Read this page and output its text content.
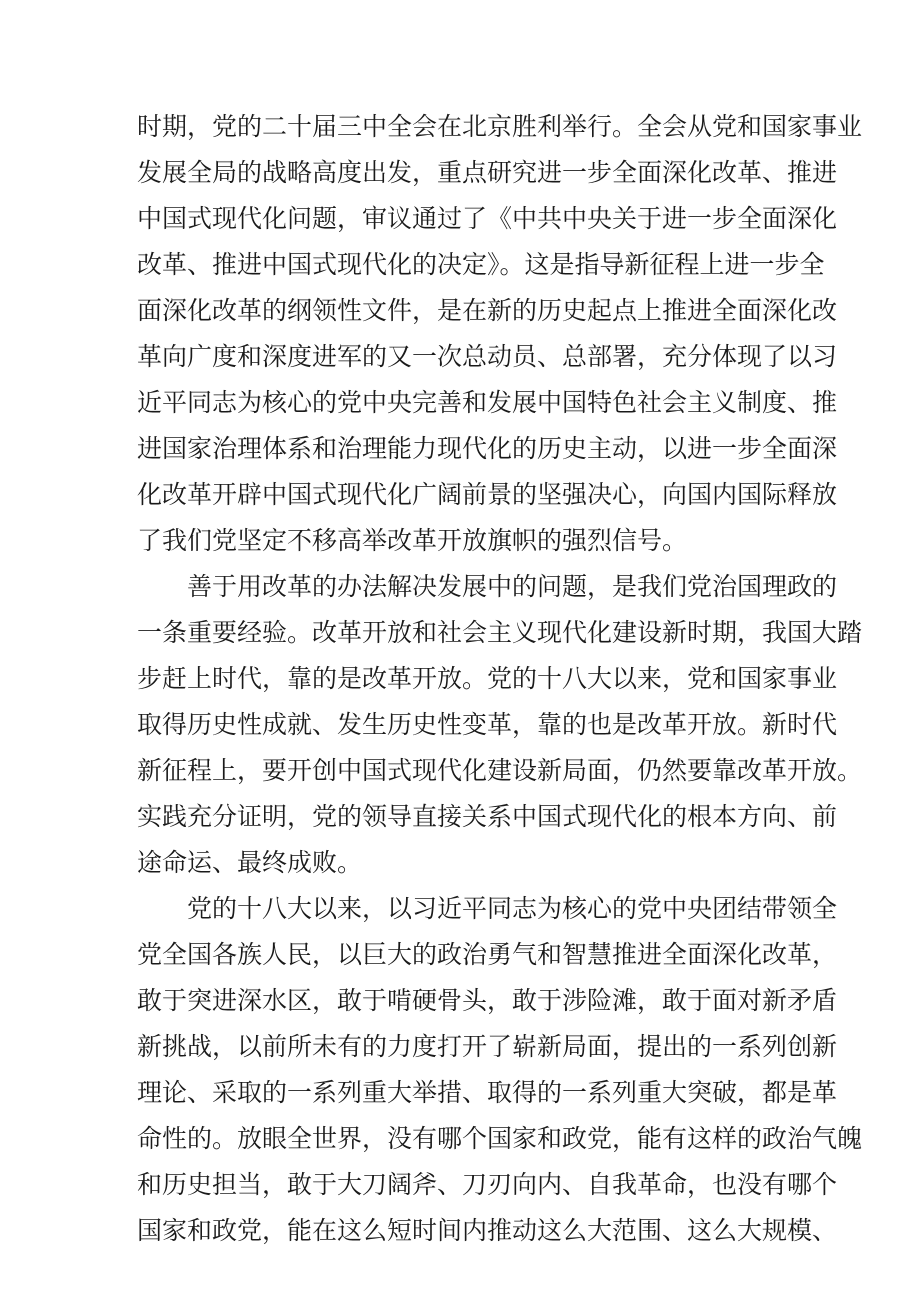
时期，党的二十届三中全会在北京胜利举行。全会从党和国家事业
发展全局的战略高度出发，重点研究进一步全面深化改革、推进
中国式现代化问题，审议通过了《中共中央关于进一步全面深化
改革、推进中国式现代化的决定》。这是指导新征程上进一步全
面深化改革的纲领性文件，是在新的历史起点上推进全面深化改
革向广度和深度进军的又一次总动员、总部署，充分体现了以习
近平同志为核心的党中央完善和发展中国特色社会主义制度、推
进国家治理体系和治理能力现代化的历史主动，以进一步全面深
化改革开辟中国式现代化广阔前景的坚强决心，向国内国际释放
了我们党坚定不移高举改革开放旗帜的强烈信号。
善于用改革的办法解决发展中的问题，是我们党治国理政的
一条重要经验。改革开放和社会主义现代化建设新时期，我国大踏
步赶上时代，靠的是改革开放。党的十八大以来，党和国家事业
取得历史性成就、发生历史性变革，靠的也是改革开放。新时代
新征程上，要开创中国式现代化建设新局面，仍然要靠改革开放。
实践充分证明，党的领导直接关系中国式现代化的根本方向、前
途命运、最终成败。
党的十八大以来，以习近平同志为核心的党中央团结带领全
党全国各族人民，以巨大的政治勇气和智慧推进全面深化改革，
敢于突进深水区，敢于啃硬骨头，敢于涉险滩，敢于面对新矛盾
新挑战，以前所未有的力度打开了崭新局面，提出的一系列创新
理论、采取的一系列重大举措、取得的一系列重大突破，都是革
命性的。放眼全世界，没有哪个国家和政党，能有这样的政治气魄
和历史担当，敢于大刀阔斧、刀刃向内、自我革命，也没有哪个
国家和政党，能在这么短时间内推动这么大范围、这么大规模、
